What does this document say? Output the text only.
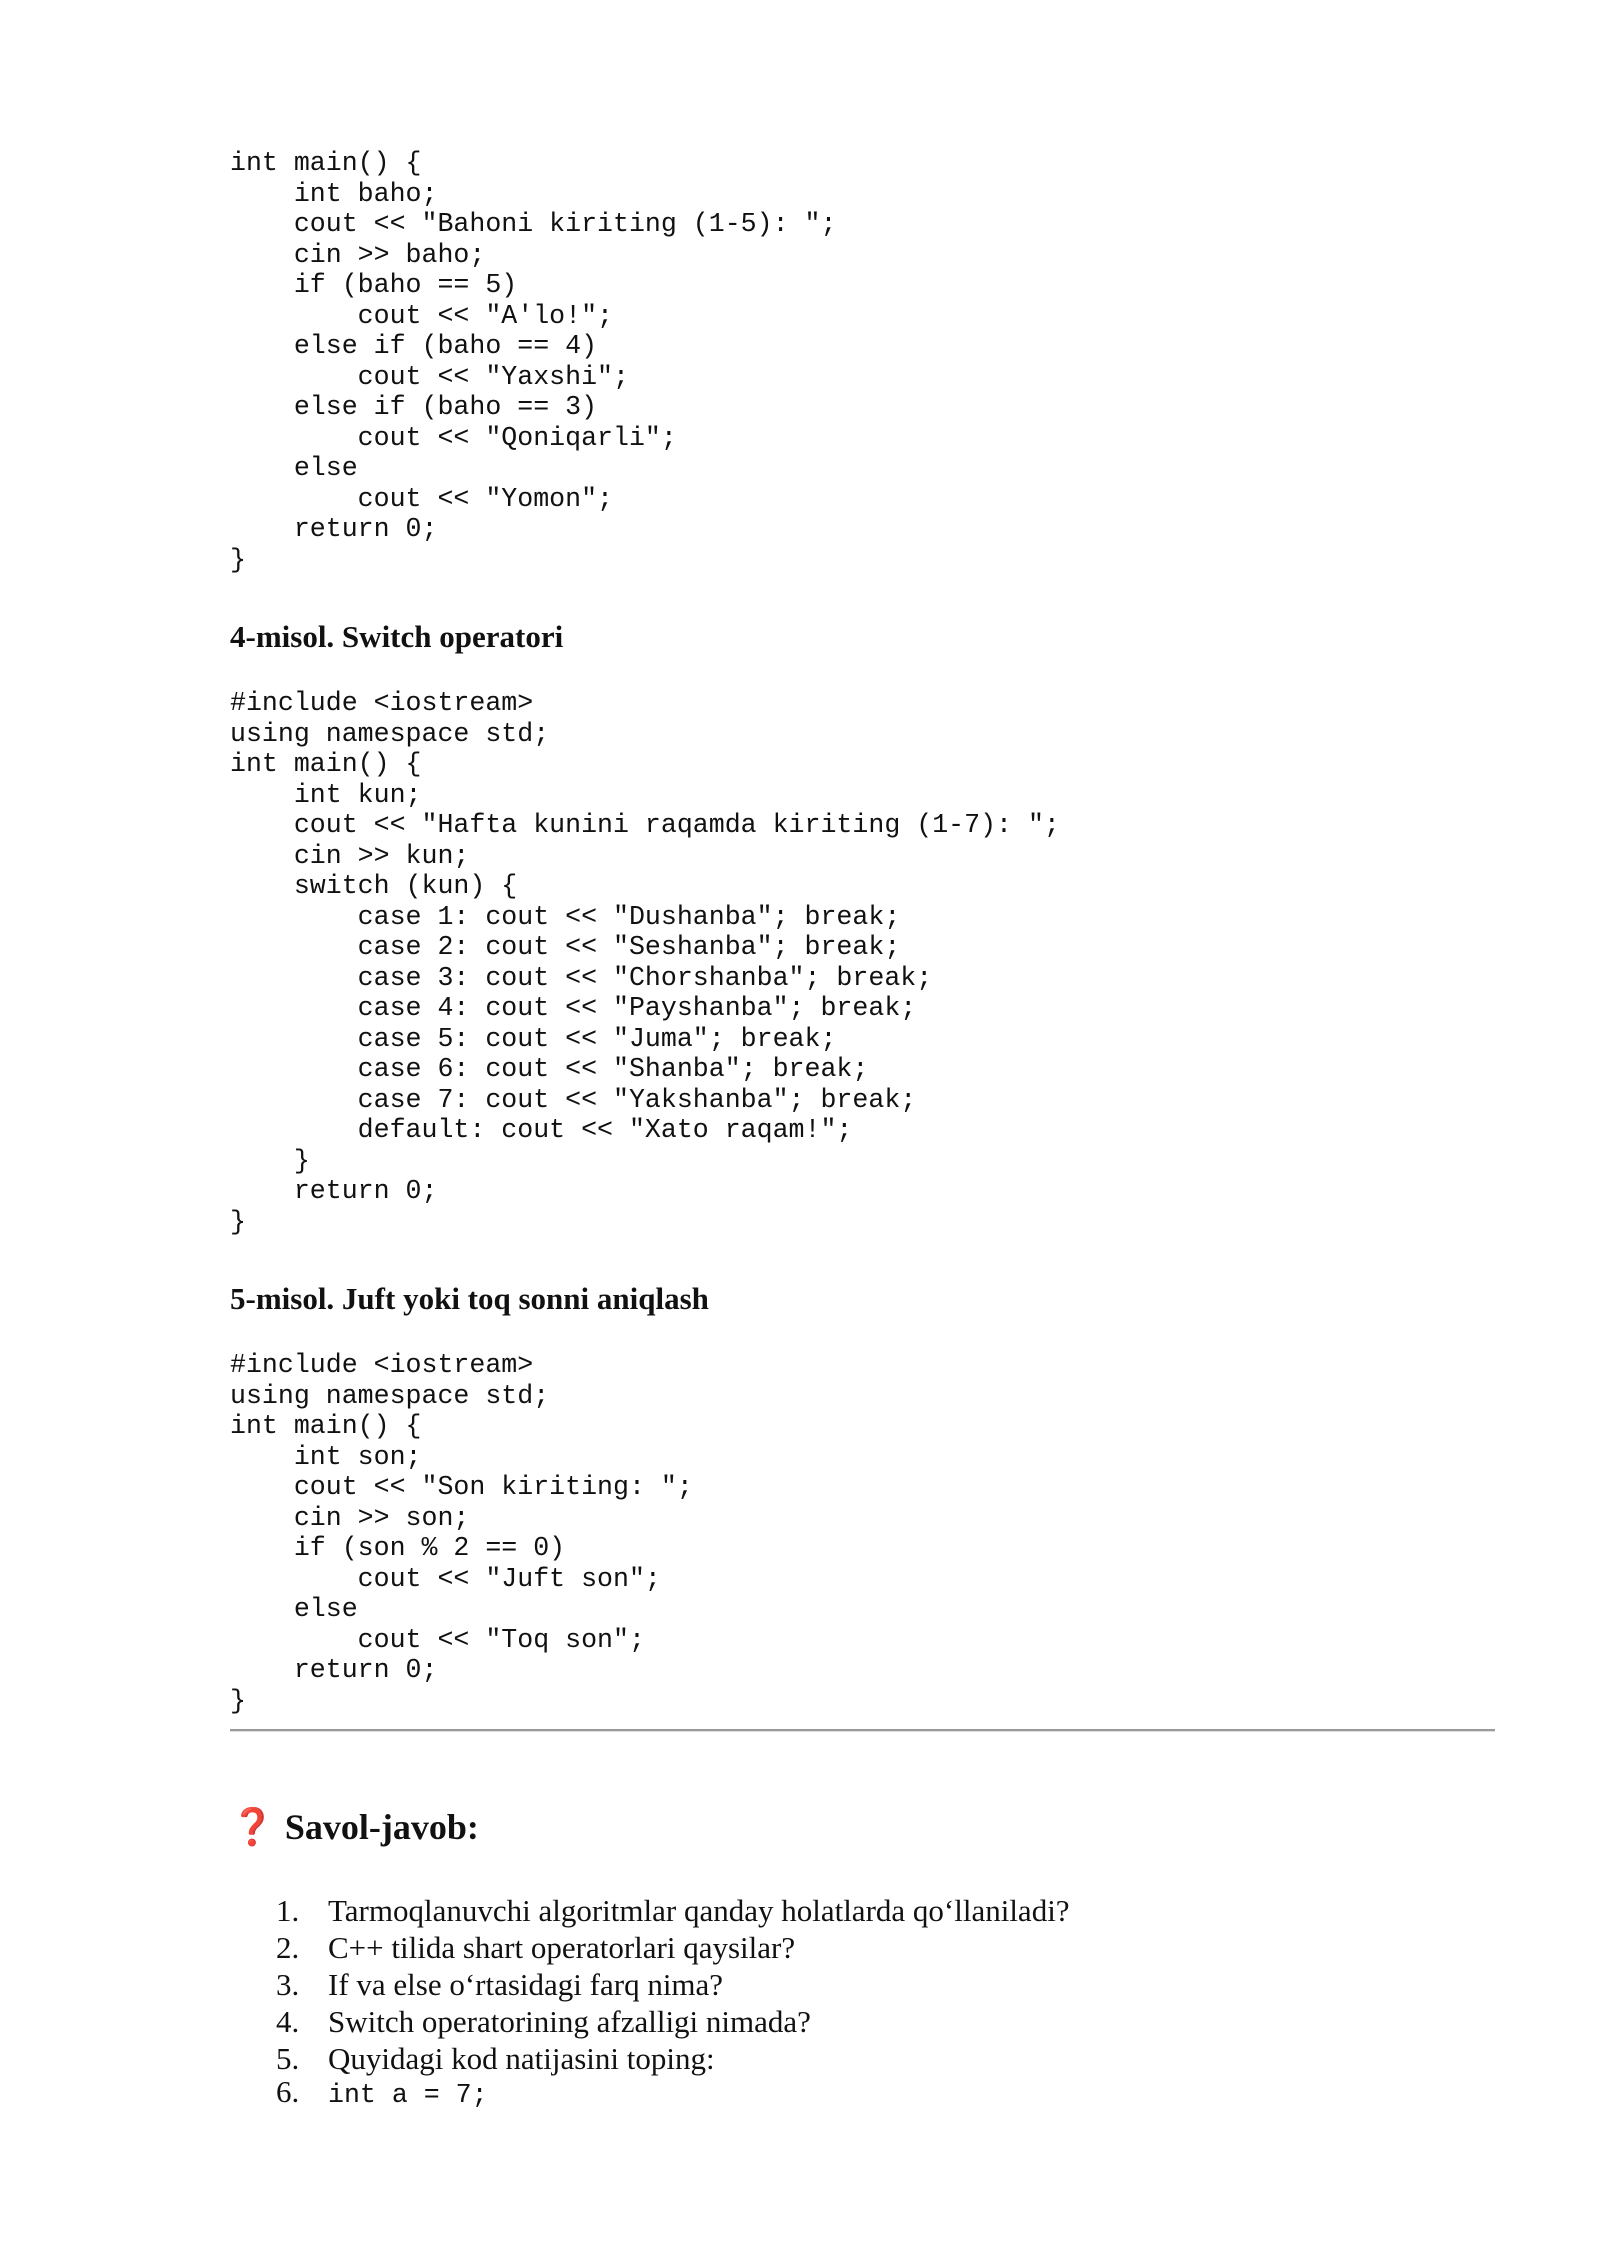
int main() {
int baho;
cout << "Bahoni kiriting (1-5): ";
cin >> baho;
if (baho == 5)
cout << "A'lo!";
else if (baho == 4)
cout << "Yaxshi";
else if (baho == 3)
cout << "Qoniqarli";
else
cout << "Yomon";
return 0;
}
4-misol. Switch operatori
#include <iostream>
using namespace std;
int main() {
int kun;
cout << "Hafta kunini raqamda kiriting (1-7): ";
cin >> kun;
switch (kun) {
case 1: cout << "Dushanba"; break;
case 2: cout << "Seshanba"; break;
case 3: cout << "Chorshanba"; break;
case 4: cout << "Payshanba"; break;
case 5: cout << "Juma"; break;
case 6: cout << "Shanba"; break;
case 7: cout << "Yakshanba"; break;
default: cout << "Xato raqam!";
}
return 0;
}
5-misol. Juft yoki toq sonni aniqlash
#include <iostream>
using namespace std;
int main() {
int son;
cout << "Son kiriting: ";
cin >> son;
if (son % 2 == 0)
cout << "Juft son";
else
cout << "Toq son";
return 0;
}
❓ Savol-javob:
1. Tarmoqlanuvchi algoritmlar qanday holatlarda qo‘llaniladi?
2. C++ tilida shart operatorlari qaysilar?
3. If va else o‘rtasidagi farq nima?
4. Switch operatorining afzalligi nimada?
5. Quyidagi kod natijasini toping:
6. int a = 7;
